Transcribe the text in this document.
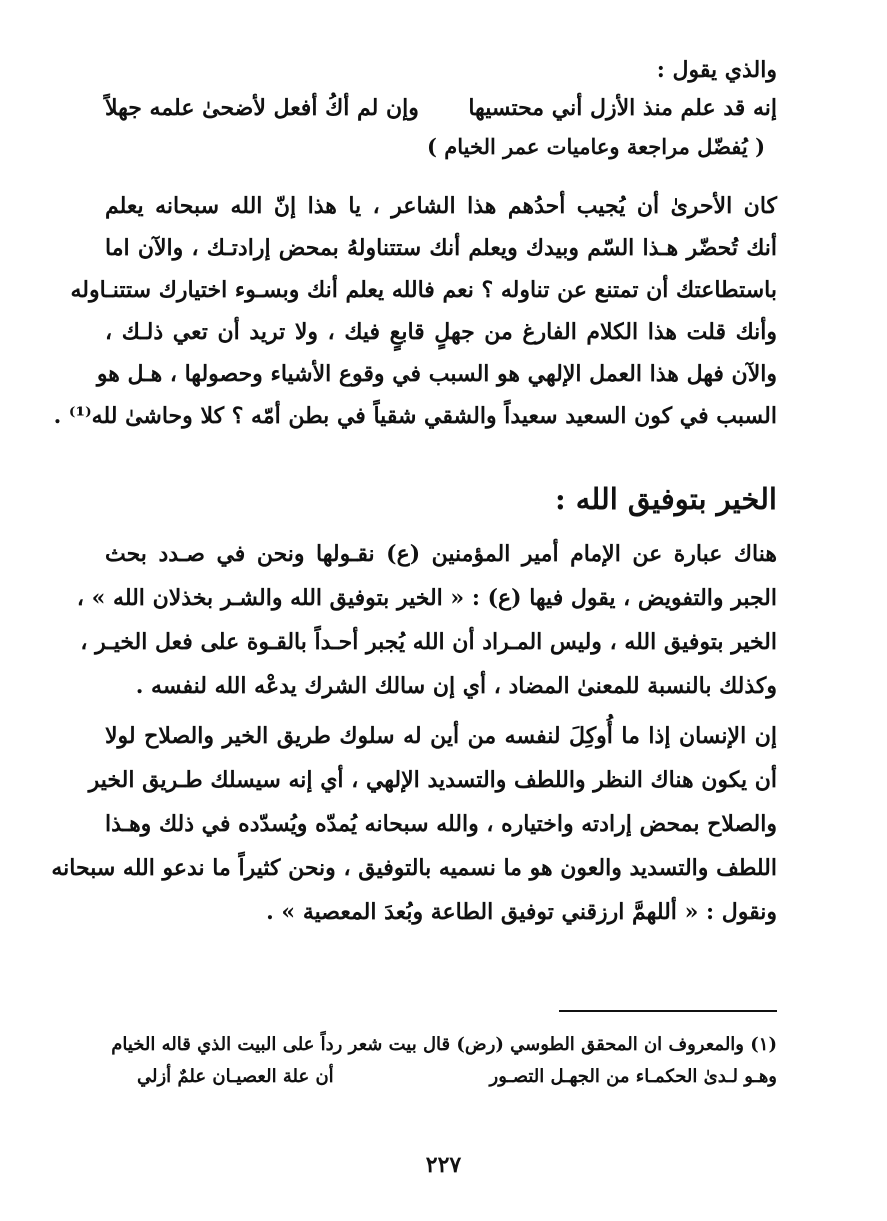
والذي يقول :
إنه قد علم منذ الأزل أني محتسيها
وإن لم أكُ أفعل لأضحىٰ علمه جهلاً
( يُفضّل مراجعة وعاميات عمر الخيام )
كان الأحرىٰ أن يُجيب أحدُهم هذا الشاعر ، يا هذا إنّ الله سبحانه يعلم
أنك تُحضّر هـذا السّم وبيدك ويعلم أنك ستتناولهُ بمحض إرادتـك ، والآن اما
باستطاعتك أن تمتنع عن تناوله ؟ نعم فالله يعلم أنك وبسـوء اختيارك ستتنـاوله
وأنك قلت هذا الكلام الفارغ من جهلٍ قابعٍ فيك ، ولا تريد أن تعي ذلـك ،
والآن فهل هذا العمل الإلهي هو السبب في وقوع الأشياء وحصولها ، هـل هو
السبب في كون السعيد سعيداً والشقي شقياً في بطن أمّه ؟ كلا وحاشىٰ لله⁽¹⁾ .
الخير بتوفيق الله :
هناك عبارة عن الإمام أمير المؤمنين (ع) نقـولها ونحن في صـدد بحث
الجبر والتفويض ، يقول فيها (ع) : « الخير بتوفيق الله والشـر بخذلان الله » ،
الخير بتوفيق الله ، وليس المـراد أن الله يُجبر أحـداً بالقـوة على فعل الخيـر ،
وكذلك بالنسبة للمعنىٰ المضاد ، أي إن سالك الشرك يدعْه الله لنفسه .
إن الإنسان إذا ما أُوكِلَ لنفسه من أين له سلوك طريق الخير والصلاح لولا
أن يكون هناك النظر واللطف والتسديد الإلهي ، أي إنه سيسلك طـريق الخير
والصلاح بمحض إرادته واختياره ، والله سبحانه يُمدّه ويُسدّده في ذلك وهـذا
اللطف والتسديد والعون هو ما نسميه بالتوفيق ، ونحن كثيراً ما ندعو الله سبحانه
ونقول : « أللهمَّ ارزقني توفيق الطاعة وبُعدَ المعصية » .
(١) والمعروف ان المحقق الطوسي (رض) قال بيت شعر رداً على البيت الذي قاله الخيام
وهـو لـدىٰ الحكمـاء من الجهـل التصـور
أن علة العصيـان علمٌ أزلي
٢٢٧
